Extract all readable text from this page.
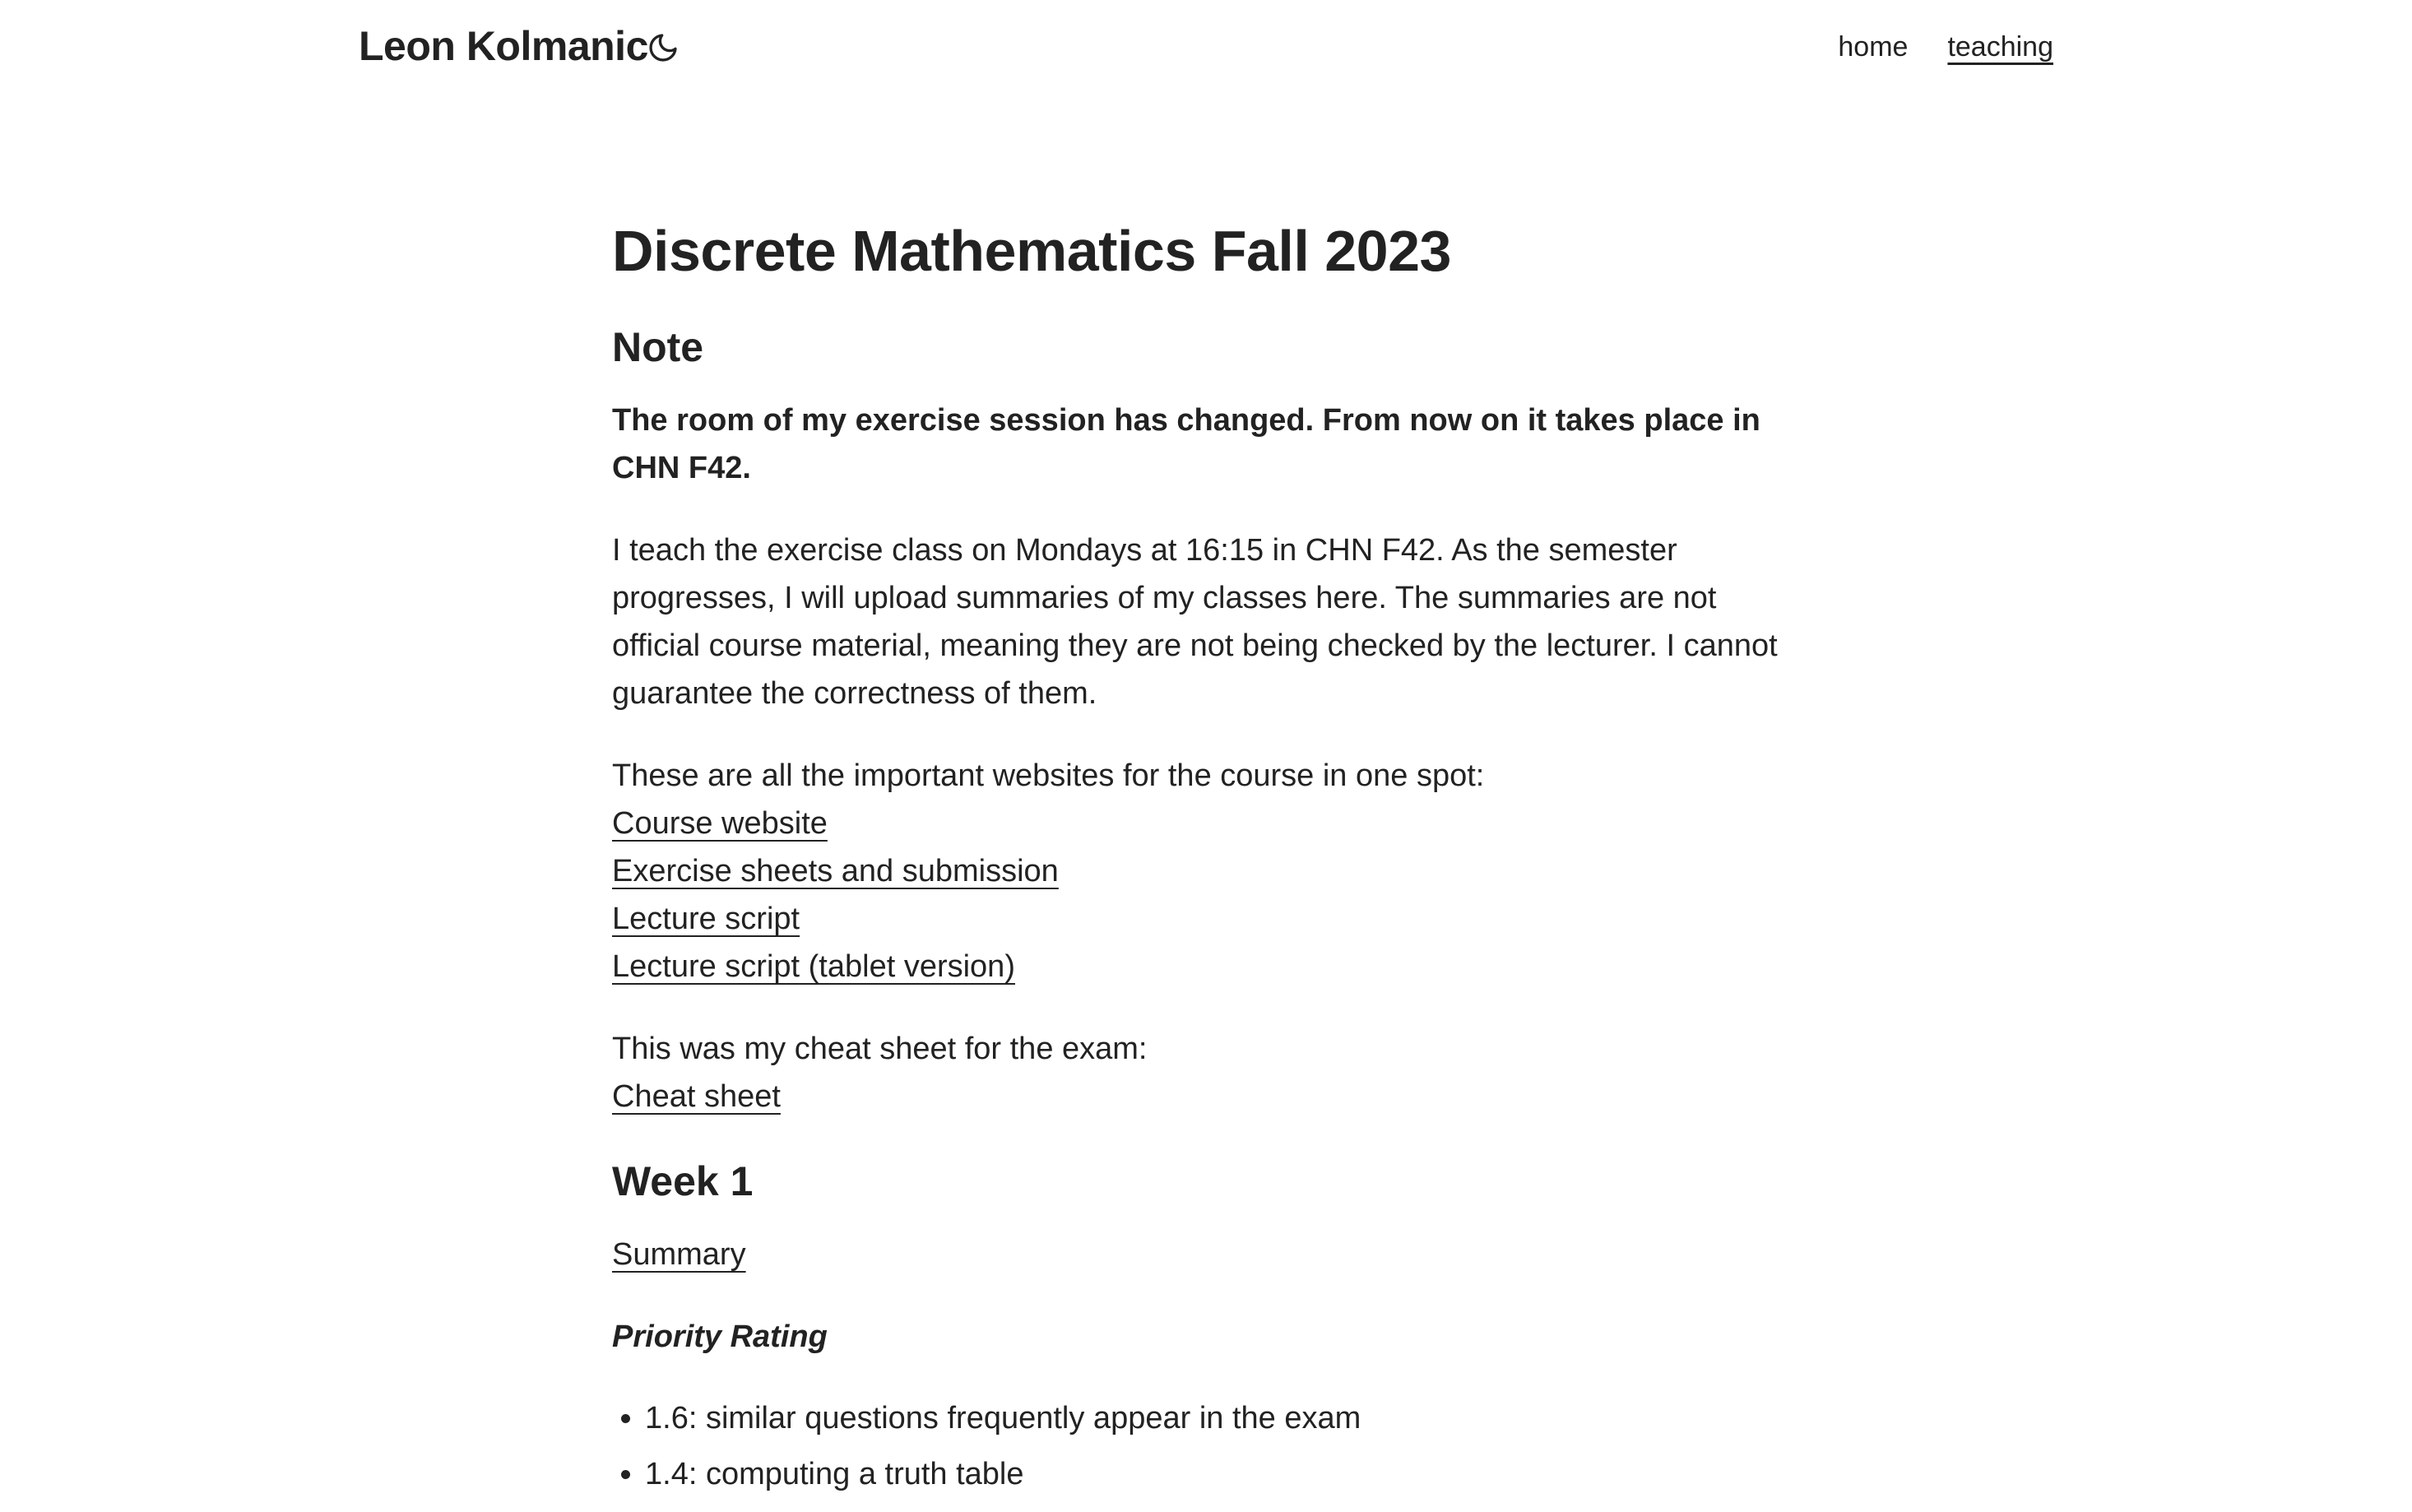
Leon Kolmanic	home teaching
Discrete Mathematics Fall 2023
Note

The room of my exercise session has changed. From now on it takes place in CHN F42.

I teach the exercise class on Mondays at 16:15 in CHN F42. As the semester progresses, I will upload summaries of my classes here. The summaries are not official course material, meaning they are not being checked by the lecturer. I cannot guarantee the correctness of them.

These are all the important websites for the course in one spot:
Course website
Exercise sheets and submission
Lecture script
Lecture script (tablet version)

This was my cheat sheet for the exam:
Cheat sheet

Week 1

Summary

Priority Rating
• 1.6: similar questions frequently appear in the exam
• 1.4: computing a truth table
